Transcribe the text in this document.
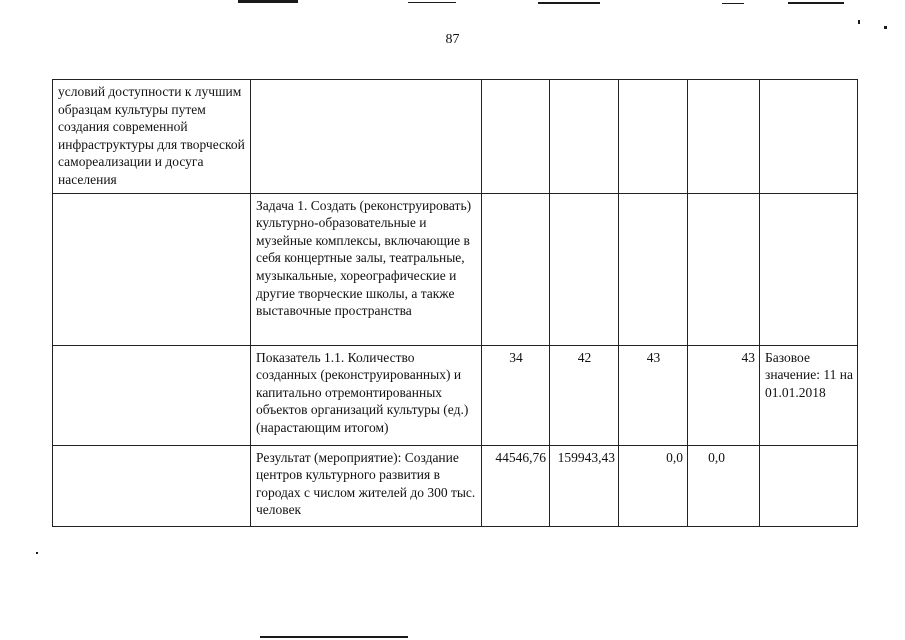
87
условий доступности к лучшим образцам культуры путем создания современной инфраструктуры для творческой самореализации и досуга населения						
	Задача 1. Создать (реконструировать) культурно-образовательные и музейные комплексы, включающие в себя концертные залы, театральные, музыкальные, хореографические и другие творческие школы, а также выставочные пространства					
	Показатель 1.1. Количество созданных (реконструированных) и капитально отремонтированных объектов организаций культуры (ед.) (нарастающим итогом)	34	42	43	43	Базовое значение: 11 на 01.01.2018
	Результат (мероприятие): Создание центров культурного развития в городах с числом жителей до 300 тыс. человек	44546,76	159943,43	0,0	0,0	
